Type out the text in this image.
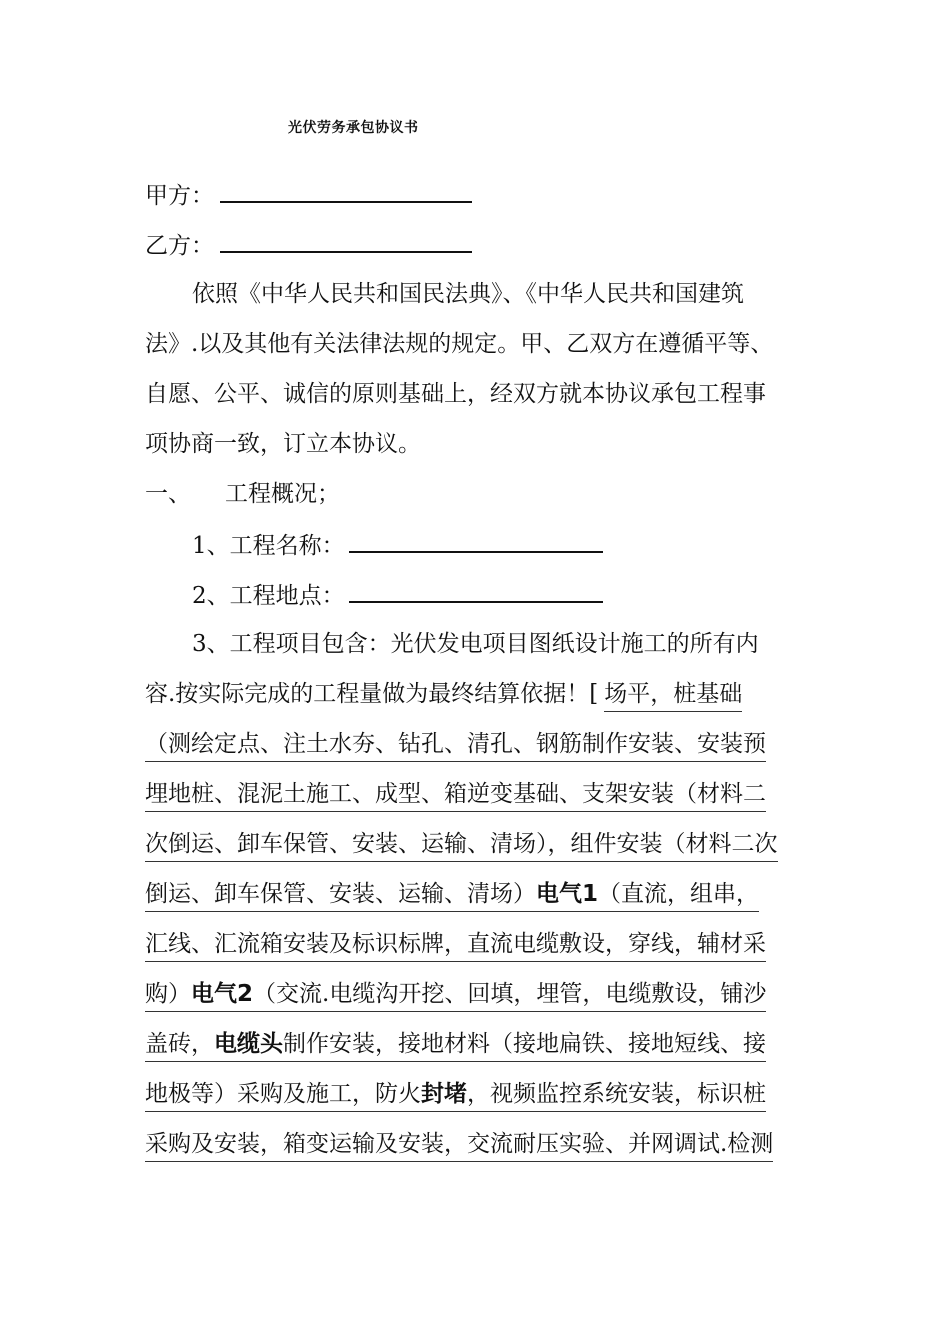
光伏劳务承包协议书
甲方：
乙方：
依照《中华人民共和国民法典》、《中华人民共和国建筑
法》.以及其他有关法律法规的规定。甲、乙双方在遵循平等、
自愿、公平、诚信的原则基础上，经双方就本协议承包工程事
项协商一致，订立本协议。
一、 工程概况；
1、工程名称：
2、工程地点：
3、工程项目包含：光伏发电项目图纸设计施工的所有内
容.按实际完成的工程量做为最终结算依据！[ 场平，桩基础
（测绘定点、注土水夯、钻孔、清孔、钢筋制作安装、安装预
埋地桩、混泥土施工、成型、箱逆变基础、支架安装（材料二
次倒运、卸车保管、安装、运输、清场），组件安装（材料二次
倒运、卸车保管、安装、运输、清场）电气1（直流，组串，
汇线、汇流箱安装及标识标牌，直流电缆敷设，穿线，辅材采
购）电气2（交流.电缆沟开挖、回填，埋管，电缆敷设，铺沙
盖砖，电缆头制作安装，接地材料（接地扁铁、接地短线、接
地极等）采购及施工，防火封堵，视频监控系统安装，标识桩
采购及安装，箱变运输及安装，交流耐压实验、并网调试.检测
